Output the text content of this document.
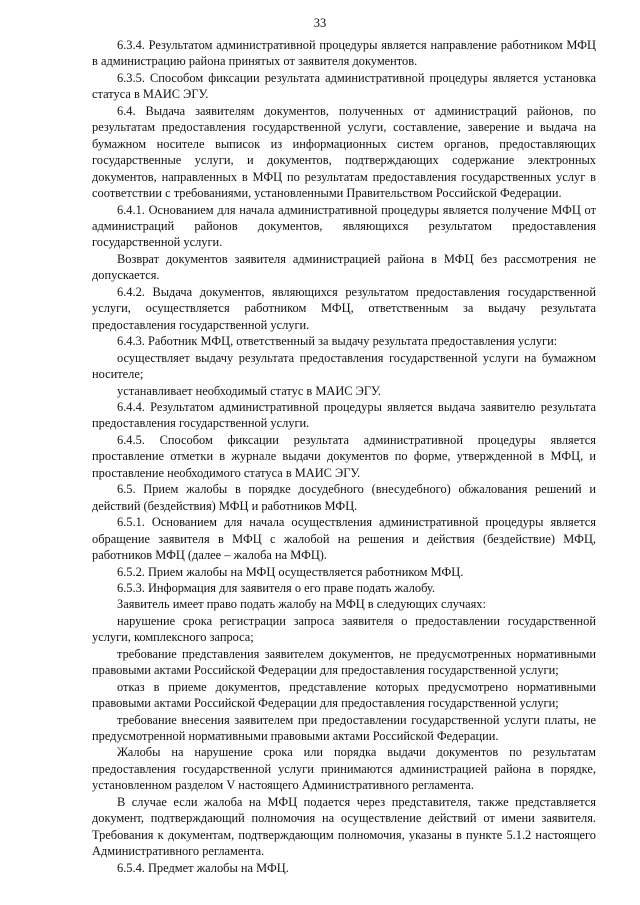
33

6.3.4. Результатом административной процедуры является направление работником МФЦ в администрацию района принятых от заявителя документов.

6.3.5. Способом фиксации результата административной процедуры является установка статуса в МАИС ЭГУ.

6.4. Выдача заявителям документов, полученных от администраций районов, по результатам предоставления государственной услуги, составление, заверение и выдача на бумажном носителе выписок из информационных систем органов, предоставляющих государственные услуги, и документов, подтверждающих содержание электронных документов, направленных в МФЦ по результатам предоставления государственных услуг в соответствии с требованиями, установленными Правительством Российской Федерации.

6.4.1. Основанием для начала административной процедуры является получение МФЦ от администраций районов документов, являющихся результатом предоставления государственной услуги.

Возврат документов заявителя администрацией района в МФЦ без рассмотрения не допускается.

6.4.2. Выдача документов, являющихся результатом предоставления государственной услуги, осуществляется работником МФЦ, ответственным за выдачу результата предоставления государственной услуги.

6.4.3. Работник МФЦ, ответственный за выдачу результата предоставления услуги:

осуществляет выдачу результата предоставления государственной услуги на бумажном носителе;

устанавливает необходимый статус в МАИС ЭГУ.

6.4.4. Результатом административной процедуры является выдача заявителю результата предоставления государственной услуги.

6.4.5. Способом фиксации результата административной процедуры является проставление отметки в журнале выдачи документов по форме, утвержденной в МФЦ, и проставление необходимого статуса в МАИС ЭГУ.

6.5. Прием жалобы в порядке досудебного (внесудебного) обжалования решений и действий (бездействия) МФЦ и работников МФЦ.

6.5.1. Основанием для начала осуществления административной процедуры является обращение заявителя в МФЦ с жалобой на решения и действия (бездействие) МФЦ, работников МФЦ (далее – жалоба на МФЦ).

6.5.2. Прием жалобы на МФЦ осуществляется работником МФЦ.

6.5.3. Информация для заявителя о его праве подать жалобу.

Заявитель имеет право подать жалобу на МФЦ в следующих случаях:

нарушение срока регистрации запроса заявителя о предоставлении государственной услуги, комплексного запроса;

требование представления заявителем документов, не предусмотренных нормативными правовыми актами Российской Федерации для предоставления государственной услуги;

отказ в приеме документов, представление которых предусмотрено нормативными правовыми актами Российской Федерации для предоставления государственной услуги;

требование внесения заявителем при предоставлении государственной услуги платы, не предусмотренной нормативными правовыми актами Российской Федерации.

Жалобы на нарушение срока или порядка выдачи документов по результатам предоставления государственной услуги принимаются администрацией района в порядке, установленном разделом V настоящего Административного регламента.

В случае если жалоба на МФЦ подается через представителя, также представляется документ, подтверждающий полномочия на осуществление действий от имени заявителя. Требования к документам, подтверждающим полномочия, указаны в пункте 5.1.2 настоящего Административного регламента.

6.5.4. Предмет жалобы на МФЦ.
